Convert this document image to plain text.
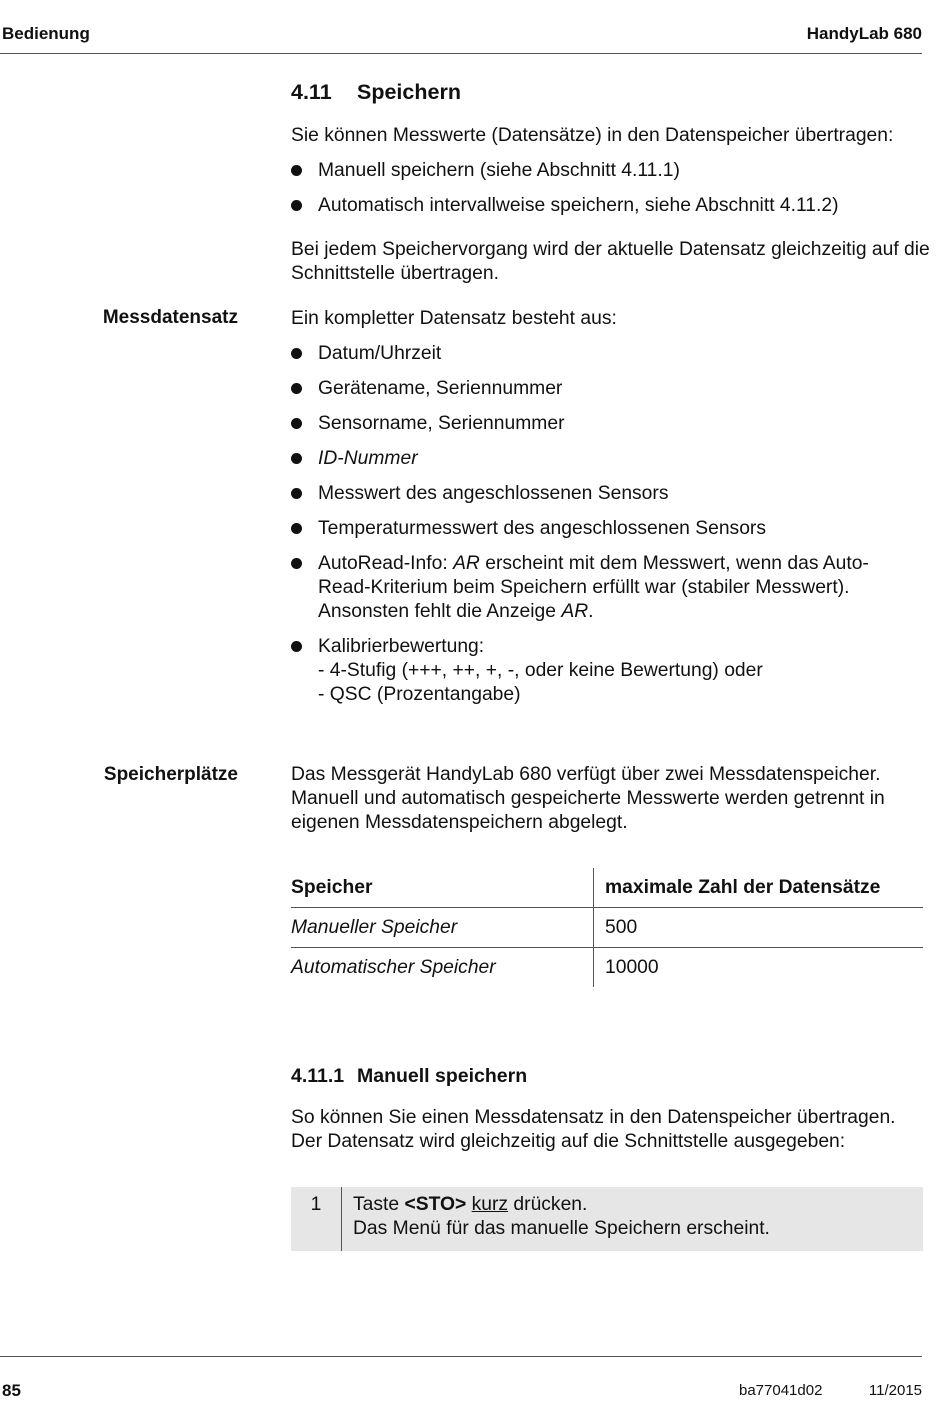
Bedienung	HandyLab 680
4.11 Speichern

Sie können Messwerte (Datensätze) in den Datenspeicher übertragen:

Manuell speichern (siehe Abschnitt 4.11.1)
Automatisch intervallweise speichern, siehe Abschnitt 4.11.2)

Bei jedem Speichervorgang wird der aktuelle Datensatz gleichzeitig auf die Schnittstelle übertragen.

Messdatensatz	Ein kompletter Datensatz besteht aus:

Datum/Uhrzeit
Gerätename, Seriennummer
Sensorname, Seriennummer
ID-Nummer
Messwert des angeschlossenen Sensors
Temperaturmesswert des angeschlossenen Sensors
AutoRead-Info: AR erscheint mit dem Messwert, wenn das Auto-Read-Kriterium beim Speichern erfüllt war (stabiler Messwert). Ansonsten fehlt die Anzeige AR.
Kalibrierbewertung:
- 4-Stufig (+++, ++, +, -, oder keine Bewertung) oder
- QSC (Prozentangabe)
Speicherplätze	Das Messgerät HandyLab 680 verfügt über zwei Messdatenspeicher. Manuell und automatisch gespeicherte Messwerte werden getrennt in eigenen Messdatenspeichern abgelegt.

Speicher	maximale Zahl der Datensätze
Manueller Speicher	500
Automatischer Speicher	10000
4.11.1 Manuell speichern

So können Sie einen Messdatensatz in den Datenspeicher übertragen. Der Datensatz wird gleichzeitig auf die Schnittstelle ausgegeben:

1	Taste <STO> kurz drücken.
Das Menü für das manuelle Speichern erscheint.
85	ba77041d02	11/2015
